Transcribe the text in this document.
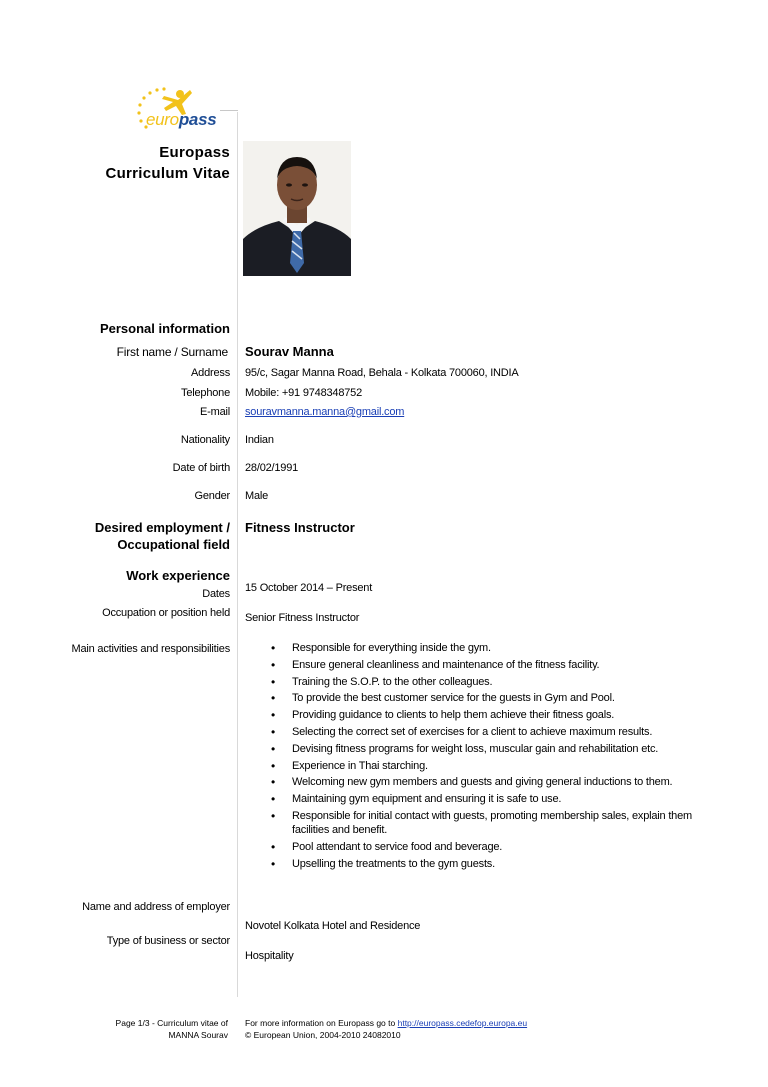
europass
Europass
Curriculum Vitae
Personal information
First name / Surname Sourav Manna
Address 95/c, Sagar Manna Road, Behala - Kolkata 700060, INDIA
Telephone Mobile: +91 9748348752
E-mail souravmanna.manna@gmail.com
Nationality Indian
Date of birth 28/02/1991
Gender Male
Desired employment /
Occupational field
Fitness Instructor
Work experience
Dates 15 October 2014 – Present
Occupation or position held Senior Fitness Instructor
Main activities and responsibilities
•	Responsible for everything inside the gym.
• Ensure general cleanliness and maintenance of the fitness facility.
• Training the S.O.P. to the other colleagues.
• To provide the best customer service for the guests in Gym and Pool.
• Providing guidance to clients to help them achieve their fitness goals.
• Selecting the correct set of exercises for a client to achieve maximum results.
• Devising fitness programs for weight loss, muscular gain and rehabilitation etc.
• Experience in Thai starching.
• Welcoming new gym members and guests and giving general inductions to them.
• Maintaining gym equipment and ensuring it is safe to use.
• Responsible for initial contact with guests, promoting membership sales, explain them facilities and benefit.
• Pool attendant to service food and beverage.
• Upselling the treatments to the gym guests.
Name and address of employer
Novotel Kolkata Hotel and Residence
Type of business or sector
Hospitality
Page 1/3 - Curriculum vitae of
MANNA Sourav
For more information on Europass go to http://europass.cedefop.europa.eu
© European Union, 2004-2010 24082010
